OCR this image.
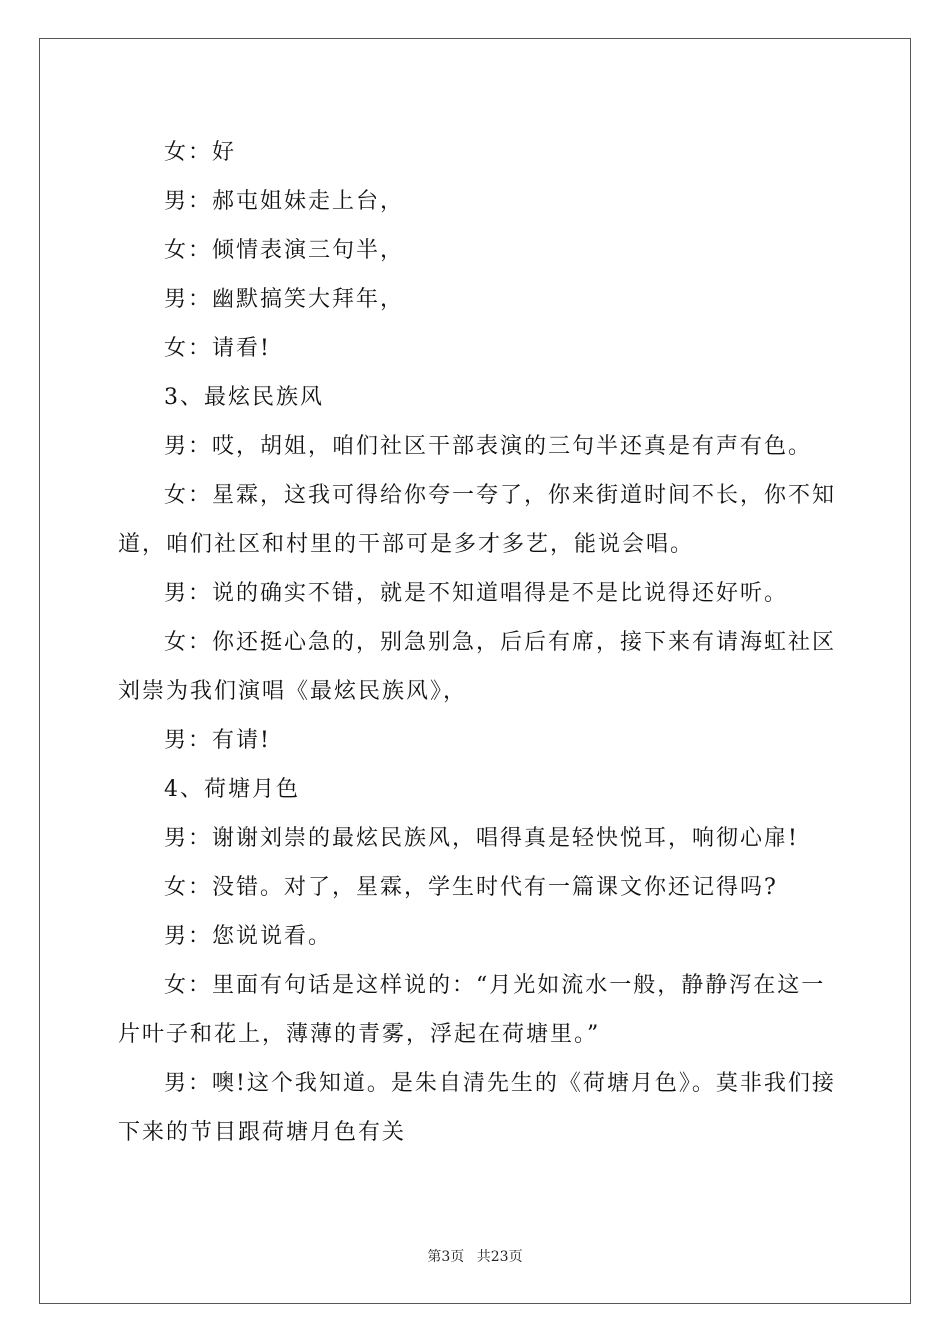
女：好

男：郝屯姐妹走上台，

女：倾情表演三句半，

男：幽默搞笑大拜年，

女：请看!

3、最炫民族风

男：哎，胡姐，咱们社区干部表演的三句半还真是有声有色。

女：星霖，这我可得给你夸一夸了，你来街道时间不长，你不知道，咱们社区和村里的干部可是多才多艺，能说会唱。

男：说的确实不错，就是不知道唱得是不是比说得还好听。

女：你还挺心急的，别急别急，后后有席，接下来有请海虹社区刘崇为我们演唱《最炫民族风》，

男：有请!

4、荷塘月色

男：谢谢刘崇的最炫民族风，唱得真是轻快悦耳，响彻心扉!

女：没错。对了，星霖，学生时代有一篇课文你还记得吗?

男：您说说看。

女：里面有句话是这样说的：“月光如流水一般，静静泻在这一片叶子和花上，薄薄的青雾，浮起在荷塘里。”

男：噢!这个我知道。是朱自清先生的《荷塘月色》。莫非我们接下来的节目跟荷塘月色有关

第3页 共23页
